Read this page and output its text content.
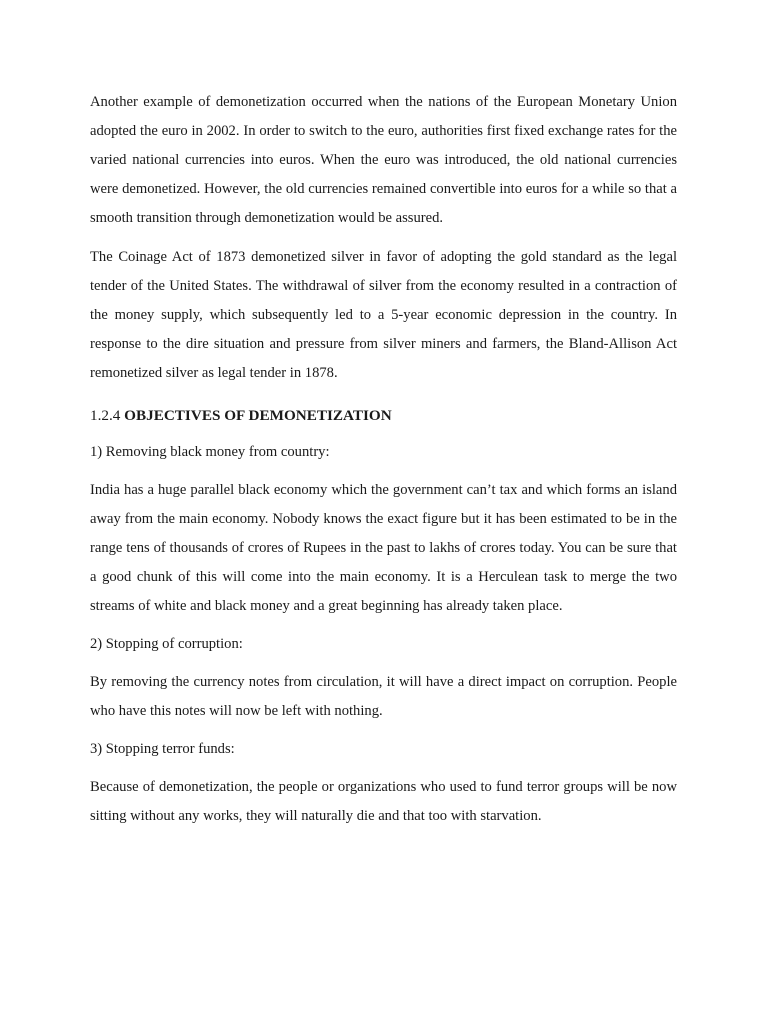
Another example of demonetization occurred when the nations of the European Monetary Union adopted the euro in 2002. In order to switch to the euro, authorities first fixed exchange rates for the varied national currencies into euros. When the euro was introduced, the old national currencies were demonetized. However, the old currencies remained convertible into euros for a while so that a smooth transition through demonetization would be assured.

The Coinage Act of 1873 demonetized silver in favor of adopting the gold standard as the legal tender of the United States. The withdrawal of silver from the economy resulted in a contraction of the money supply, which subsequently led to a 5-year economic depression in the country. In response to the dire situation and pressure from silver miners and farmers, the Bland-Allison Act remonetized silver as legal tender in 1878.

1.2.4 OBJECTIVES OF DEMONETIZATION

1) Removing black money from country:

India has a huge parallel black economy which the government can’t tax and which forms an island away from the main economy. Nobody knows the exact figure but it has been estimated to be in the range tens of thousands of crores of Rupees in the past to lakhs of crores today. You can be sure that a good chunk of this will come into the main economy. It is a Herculean task to merge the two streams of white and black money and a great beginning has already taken place.

2) Stopping of corruption:

By removing the currency notes from circulation, it will have a direct impact on corruption. People who have this notes will now be left with nothing.

3) Stopping terror funds:

Because of demonetization, the people or organizations who used to fund terror groups will be now sitting without any works, they will naturally die and that too with starvation.
